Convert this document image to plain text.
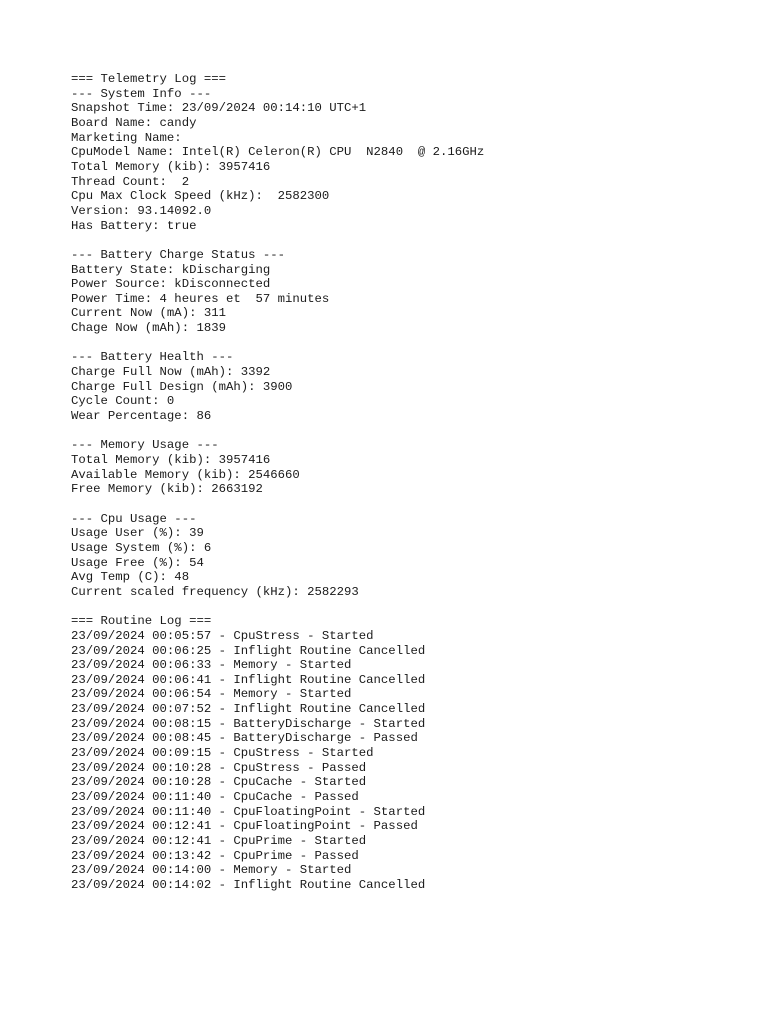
=== Telemetry Log ===
--- System Info ---
Snapshot Time: 23/09/2024 00:14:10 UTC+1
Board Name: candy
Marketing Name:
CpuModel Name: Intel(R) Celeron(R) CPU  N2840  @ 2.16GHz
Total Memory (kib): 3957416
Thread Count:  2
Cpu Max Clock Speed (kHz):  2582300
Version: 93.14092.0
Has Battery: true
--- Battery Charge Status ---
Battery State: kDischarging
Power Source: kDisconnected
Power Time: 4 heures et  57 minutes
Current Now (mA): 311
Chage Now (mAh): 1839
--- Battery Health ---
Charge Full Now (mAh): 3392
Charge Full Design (mAh): 3900
Cycle Count: 0
Wear Percentage: 86
--- Memory Usage ---
Total Memory (kib): 3957416
Available Memory (kib): 2546660
Free Memory (kib): 2663192
--- Cpu Usage ---
Usage User (%): 39
Usage System (%): 6
Usage Free (%): 54
Avg Temp (C): 48
Current scaled frequency (kHz): 2582293
=== Routine Log ===
23/09/2024 00:05:57 - CpuStress - Started
23/09/2024 00:06:25 - Inflight Routine Cancelled
23/09/2024 00:06:33 - Memory - Started
23/09/2024 00:06:41 - Inflight Routine Cancelled
23/09/2024 00:06:54 - Memory - Started
23/09/2024 00:07:52 - Inflight Routine Cancelled
23/09/2024 00:08:15 - BatteryDischarge - Started
23/09/2024 00:08:45 - BatteryDischarge - Passed
23/09/2024 00:09:15 - CpuStress - Started
23/09/2024 00:10:28 - CpuStress - Passed
23/09/2024 00:10:28 - CpuCache - Started
23/09/2024 00:11:40 - CpuCache - Passed
23/09/2024 00:11:40 - CpuFloatingPoint - Started
23/09/2024 00:12:41 - CpuFloatingPoint - Passed
23/09/2024 00:12:41 - CpuPrime - Started
23/09/2024 00:13:42 - CpuPrime - Passed
23/09/2024 00:14:00 - Memory - Started
23/09/2024 00:14:02 - Inflight Routine Cancelled
